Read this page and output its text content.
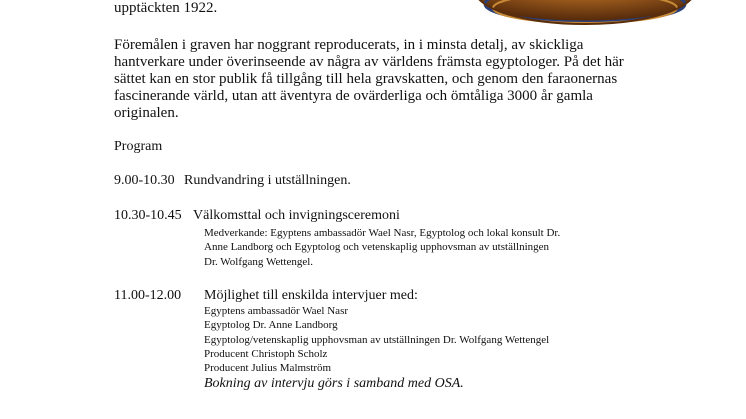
upptäckten 1922.
Föremålen i graven har noggrant reproducerats, in i minsta detalj, av skickliga
hantverkare under överinseende av några av världens främsta egyptologer. På det här
sättet kan en stor publik få tillgång till hela gravskatten, och genom den faraonernas
fascinerande värld, utan att äventyra de ovärderliga och ömtåliga 3000 år gamla
originalen.
Program
9.00-10.30 Rundvandring i utställningen.
10.30-10.45 Välkomsttal och invigningsceremoni
Medverkande: Egyptens ambassadör Wael Nasr, Egyptolog och lokal konsult Dr.
Anne Landborg och Egyptolog och vetenskaplig upphovsman av utställningen
Dr. Wolfgang Wettengel.
11.00-12.00 Möjlighet till enskilda intervjuer med:
Egyptens ambassadör Wael Nasr
Egyptolog Dr. Anne Landborg
Egyptolog/vetenskaplig upphovsman av utställningen Dr. Wolfgang Wettengel
Producent Christoph Scholz
Producent Julius Malmström
Bokning av intervju görs i samband med OSA.
